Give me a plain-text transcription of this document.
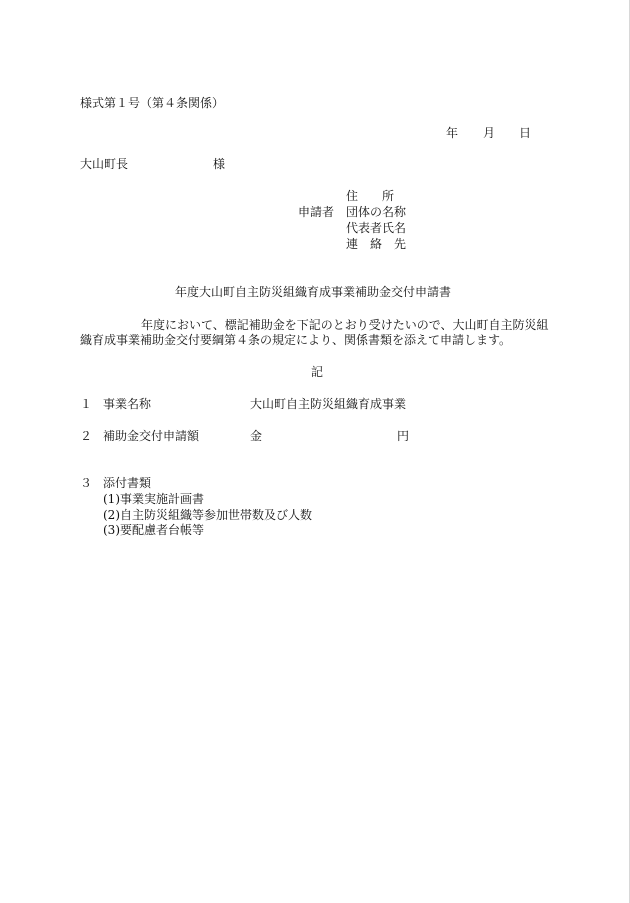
様式第１号（第４条関係）
年 月 日
大山町長	様
申請者
住　　所
団体の名称
代表者氏名
連　絡　先
年度大山町自主防災組織育成事業補助金交付申請書
年度において、標記補助金を下記のとおり受けたいので、大山町自主防災組
織育成事業補助金交付要綱第４条の規定により、関係書類を添えて申請します。
記
１ 事業名称	大山町自主防災組織育成事業
２ 補助金交付申請額	金	円
３ 添付書類
(1)事業実施計画書
(2)自主防災組織等参加世帯数及び人数
(3)要配慮者台帳等
